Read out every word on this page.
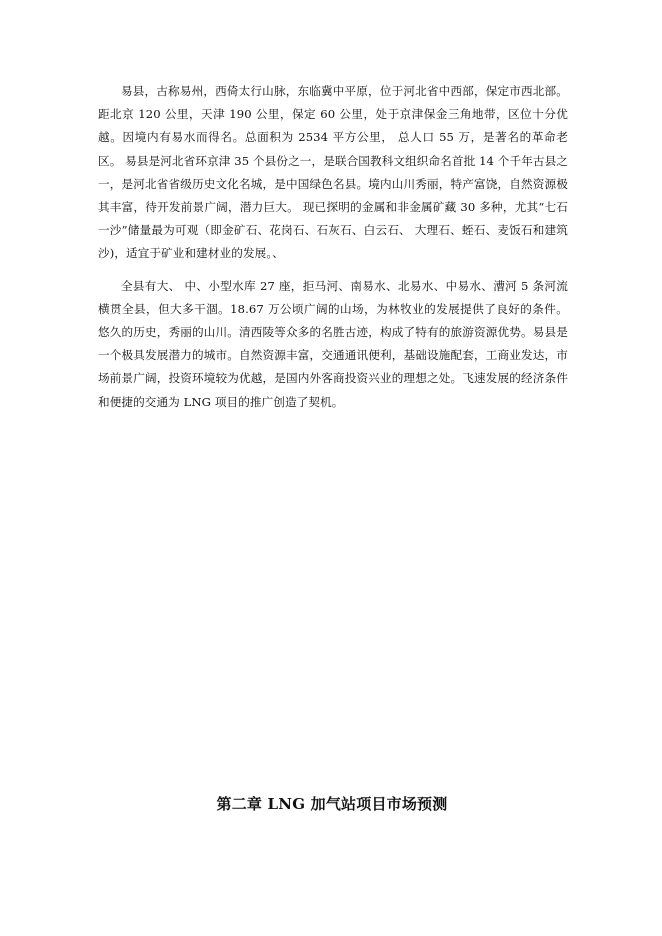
易县，古称易州，西倚太行山脉，东临冀中平原，位于河北省中西部，保定市西北部。距北京 120 公里，天津 190 公里，保定 60 公里，处于京津保金三角地带，区位十分优越。因境内有易水而得名。总面积为 2534 平方公里， 总人口 55 万，是著名的革命老区。 易县是河北省环京津 35 个县份之一，是联合国教科文组织命名首批 14 个千年古县之一，是河北省省级历史文化名城，是中国绿色名县。境内山川秀丽，特产富饶，自然资源极其丰富，待开发前景广阔，潜力巨大。 现已探明的金属和非金属矿藏 30 多种，尤其“七石一沙”储量最为可观（即金矿石、花岗石、石灰石、白云石、 大理石、蛭石、麦饭石和建筑沙)，适宜于矿业和建材业的发展。、

全县有大、 中、小型水库 27 座，拒马河、南易水、北易水、中易水、漕河 5 条河流横贯全县，但大多干涸。18.67 万公顷广阔的山场，为林牧业的发展提供了良好的条件。悠久的历史，秀丽的山川。清西陵等众多的名胜古迹，构成了特有的旅游资源优势。易县是一个极具发展潜力的城市。自然资源丰富，交通通讯便利，基础设施配套，工商业发达，市场前景广阔，投资环境较为优越，是国内外客商投资兴业的理想之处。飞速发展的经济条件和便捷的交通为 LNG 项目的推广创造了契机。

第二章 LNG 加气站项目市场预测
